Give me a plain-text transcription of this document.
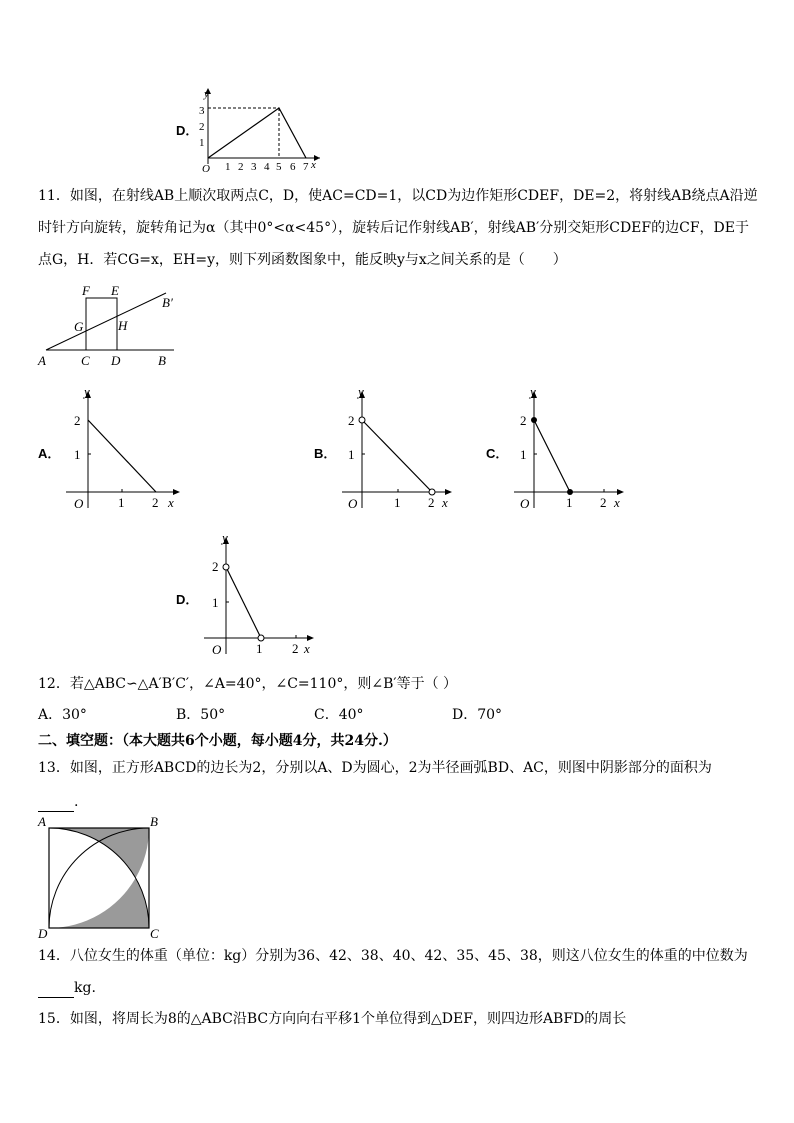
D．
y
x
O
1
2
3
1 2 3 4 5 6 7
11．如图，在射线AB上顺次取两点C，D，使AC=CD=1，以CD为边作矩形CDEF，DE=2，将射线AB绕点A沿逆
时针方向旋转，旋转角记为α（其中0°<α<45°），旋转后记作射线AB′，射线AB′分别交矩形CDEF的边CF，DE于
点G，H．若CG=x，EH=y，则下列函数图象中，能反映y与x之间关系的是（　　）
F E
B′
G	H
A	C D	B
A．
y
x
O
1
2
1 2
B．
y
x
O
1
2
1 2
C．
y
x
O
1
2
1 2
D．
y
x
O
1
2
1 2
12．若△ABC∽△A′B′C′，∠A=40°，∠C=110°，则∠B′等于（ ）
A．30°	B．50°	C．40°	D．70°
二、填空题：（本大题共6个小题，每小题4分，共24分.）
13．如图，正方形ABCD的边长为2，分别以A、D为圆心，2为半径画弧BD、AC，则图中阴影部分的面积为
.
A	B
C
D
14．八位女生的体重（单位：kg）分别为36、42、38、40、42、35、45、38，则这八位女生的体重的中位数为
kg.
15．如图，将周长为8的△ABC沿BC方向向右平移1个单位得到△DEF，则四边形ABFD的周长
